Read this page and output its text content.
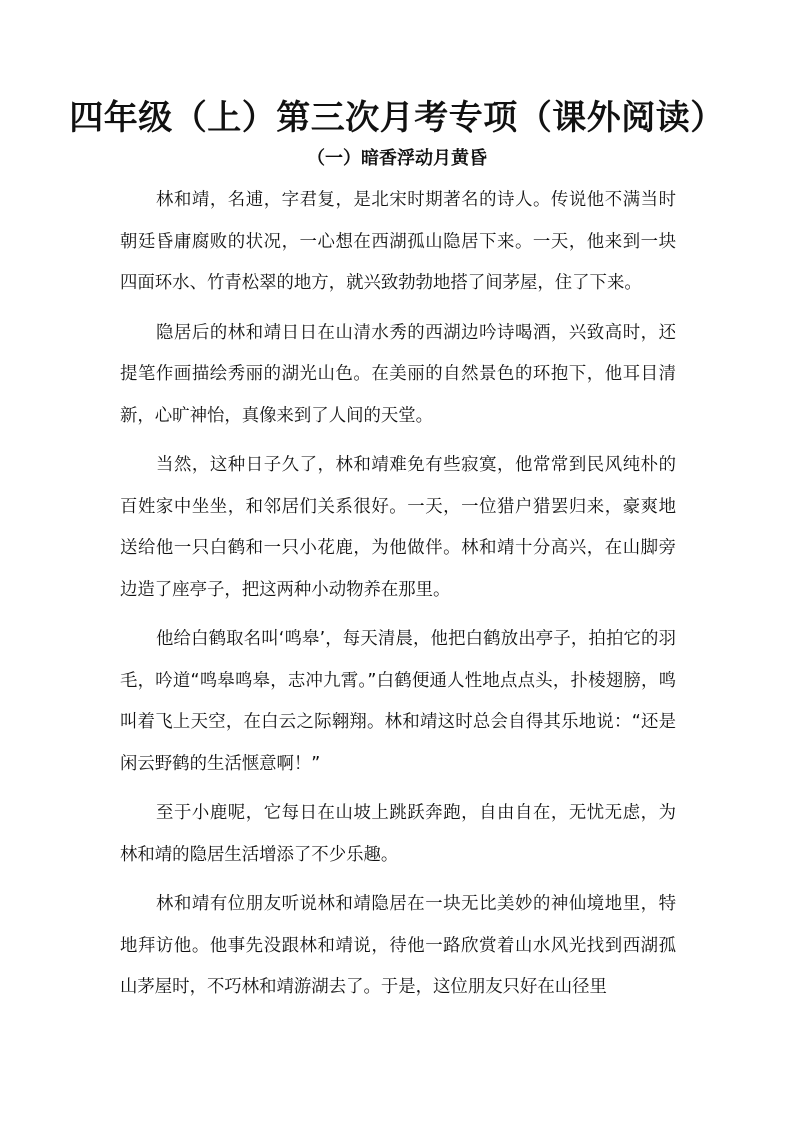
四年级（上）第三次月考专项（课外阅读）
（一）暗香浮动月黄昏

林和靖，名逋，字君复，是北宋时期著名的诗人。传说他不满当时朝廷昏庸腐败的状况，一心想在西湖孤山隐居下来。一天，他来到一块四面环水、竹青松翠的地方，就兴致勃勃地搭了间茅屋，住了下来。

隐居后的林和靖日日在山清水秀的西湖边吟诗喝酒，兴致高时，还提笔作画描绘秀丽的湖光山色。在美丽的自然景色的环抱下，他耳目清新，心旷神怡，真像来到了人间的天堂。

当然，这种日子久了，林和靖难免有些寂寞，他常常到民风纯朴的百姓家中坐坐，和邻居们关系很好。一天，一位猎户猎罢归来，豪爽地送给他一只白鹤和一只小花鹿，为他做伴。林和靖十分高兴，在山脚旁边造了座亭子，把这两种小动物养在那里。

他给白鹤取名叫‘鸣皋’，每天清晨，他把白鹤放出亭子，拍拍它的羽毛，吟道“鸣皋鸣皋，志冲九霄。”白鹤便通人性地点点头，扑棱翅膀，鸣叫着飞上天空，在白云之际翱翔。林和靖这时总会自得其乐地说：“还是闲云野鹤的生活惬意啊！”

至于小鹿呢，它每日在山坡上跳跃奔跑，自由自在，无忧无虑，为林和靖的隐居生活增添了不少乐趣。

林和靖有位朋友听说林和靖隐居在一块无比美妙的神仙境地里，特地拜访他。他事先没跟林和靖说，待他一路欣赏着山水风光找到西湖孤山茅屋时，不巧林和靖游湖去了。于是，这位朋友只好在山径里
